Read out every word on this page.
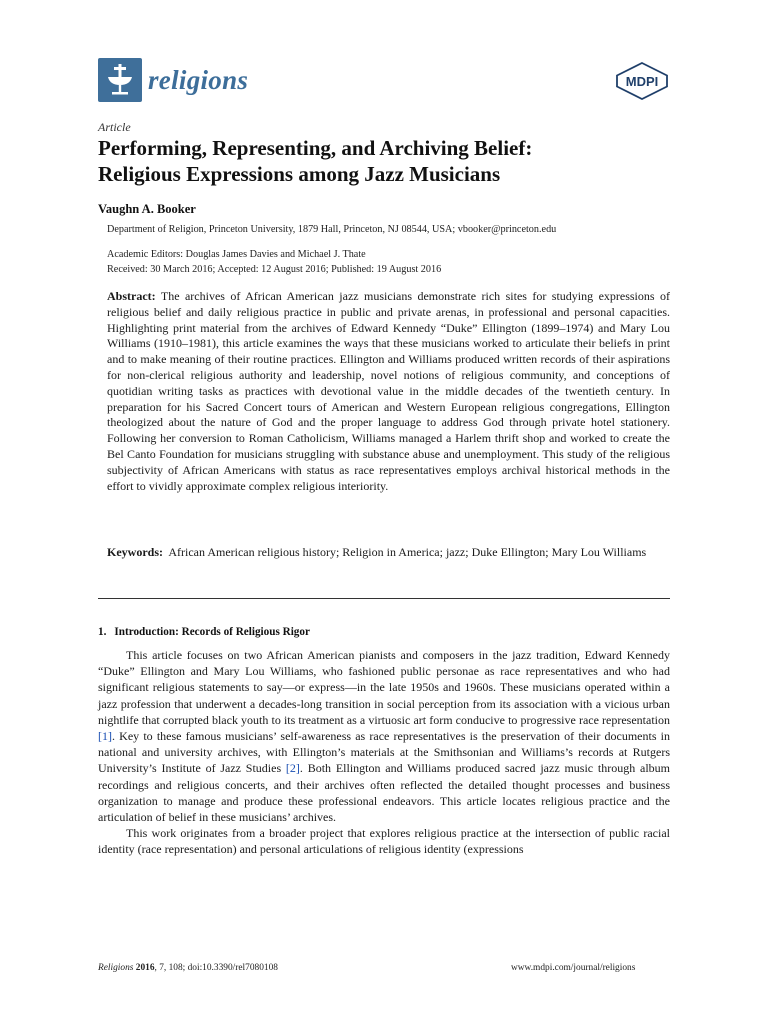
religions	MDPI
Article
Performing, Representing, and Archiving Belief:
Religious Expressions among Jazz Musicians
Vaughn A. Booker
Department of Religion, Princeton University, 1879 Hall, Princeton, NJ 08544, USA; vbooker@princeton.edu
Academic Editors: Douglas James Davies and Michael J. Thate
Received: 30 March 2016; Accepted: 12 August 2016; Published: 19 August 2016
Abstract: The archives of African American jazz musicians demonstrate rich sites for studying expressions of religious belief and daily religious practice in public and private arenas, in professional and personal capacities. Highlighting print material from the archives of Edward Kennedy “Duke” Ellington (1899–1974) and Mary Lou Williams (1910–1981), this article examines the ways that these musicians worked to articulate their beliefs in print and to make meaning of their routine practices. Ellington and Williams produced written records of their aspirations for non-clerical religious authority and leadership, novel notions of religious community, and conceptions of quotidian writing tasks as practices with devotional value in the middle decades of the twentieth century. In preparation for his Sacred Concert tours of American and Western European religious congregations, Ellington theologized about the nature of God and the proper language to address God through private hotel stationery. Following her conversion to Roman Catholicism, Williams managed a Harlem thrift shop and worked to create the Bel Canto Foundation for musicians struggling with substance abuse and unemployment. This study of the religious subjectivity of African Americans with status as race representatives employs archival historical methods in the effort to vividly approximate complex religious interiority.
Keywords: African American religious history; Religion in America; jazz; Duke Ellington; Mary Lou Williams
1. Introduction: Records of Religious Rigor

This article focuses on two African American pianists and composers in the jazz tradition, Edward Kennedy “Duke” Ellington and Mary Lou Williams, who fashioned public personae as race representatives and who had significant religious statements to say—or express—in the late 1950s and 1960s. These musicians operated within a jazz profession that underwent a decades-long transition in social perception from its association with a vicious urban nightlife that corrupted black youth to its treatment as a virtuosic art form conducive to progressive race representation [1]. Key to these famous musicians’ self-awareness as race representatives is the preservation of their documents in national and university archives, with Ellington’s materials at the Smithsonian and Williams’s records at Rutgers University’s Institute of Jazz Studies [2]. Both Ellington and Williams produced sacred jazz music through album recordings and religious concerts, and their archives often reflected the detailed thought processes and business organization to manage and produce these professional endeavors. This article locates religious practice and the articulation of belief in these musicians’ archives.

This work originates from a broader project that explores religious practice at the intersection of public racial identity (race representation) and personal articulations of religious identity (expressions

Religions 2016, 7, 108; doi:10.3390/rel7080108	www.mdpi.com/journal/religions
